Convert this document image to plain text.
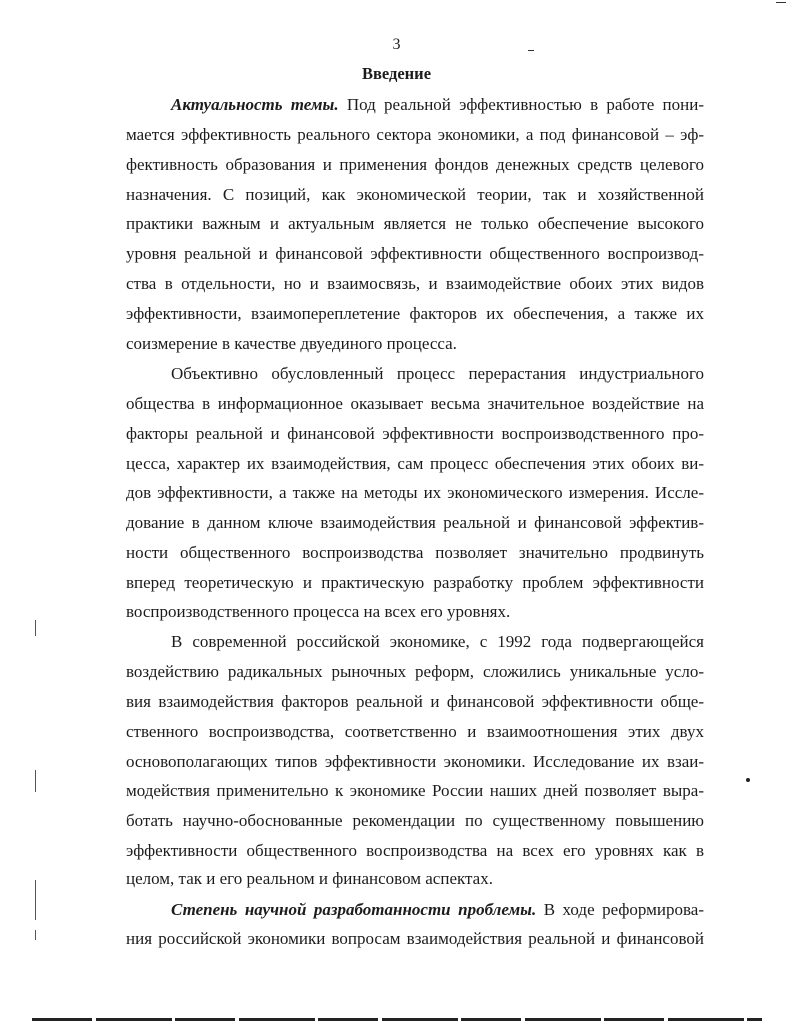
3
Введение
Актуальность темы. Под реальной эффективностью в работе пони-
мается эффективность реального сектора экономики, а под финансовой – эф-
фективность образования и применения фондов денежных средств целевого
назначения. С позиций, как экономической теории, так и хозяйственной
практики важным и актуальным является не только обеспечение высокого
уровня реальной и финансовой эффективности общественного воспроизвод-
ства в отдельности, но и взаимосвязь, и взаимодействие обоих этих видов
эффективности, взаимопереплетение факторов их обеспечения, а также их
соизмерение в качестве двуединого процесса.
Объективно обусловленный процесс перерастания индустриального
общества в информационное оказывает весьма значительное воздействие на
факторы реальной и финансовой эффективности воспроизводственного про-
цесса, характер их взаимодействия, сам процесс обеспечения этих обоих ви-
дов эффективности, а также на методы их экономического измерения. Иссле-
дование в данном ключе взаимодействия реальной и финансовой эффектив-
ности общественного воспроизводства позволяет значительно продвинуть
вперед теоретическую и практическую разработку проблем эффективности
воспроизводственного процесса на всех его уровнях.
В современной российской экономике, с 1992 года подвергающейся
воздействию радикальных рыночных реформ, сложились уникальные усло-
вия взаимодействия факторов реальной и финансовой эффективности обще-
ственного воспроизводства, соответственно и взаимоотношения этих двух
основополагающих типов эффективности экономики. Исследование их взаи-
модействия применительно к экономике России наших дней позволяет выра-
ботать научно-обоснованные рекомендации по существенному повышению
эффективности общественного воспроизводства на всех его уровнях как в
целом, так и его реальном и финансовом аспектах.
Степень научной разработанности проблемы. В ходе реформирова-
ния российской экономики вопросам взаимодействия реальной и финансовой
